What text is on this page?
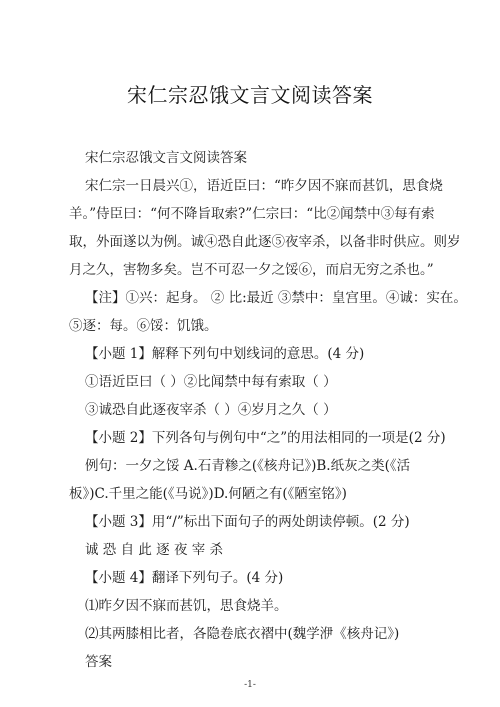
宋仁宗忍饿文言文阅读答案
宋仁宗忍饿文言文阅读答案
宋仁宗一日晨兴①，语近臣曰：“昨夕因不寐而甚饥，思食烧
羊。”侍臣曰：“何不降旨取索?”仁宗曰：“比②闻禁中③每有索
取，外面遂以为例。诚④恐自此逐⑤夜宰杀，以备非时供应。则岁
月之久，害物多矣。岂不可忍一夕之馁⑥，而启无穷之杀也。”
【注】①兴：起身。 ② 比:最近 ③禁中：皇宫里。④诚：实在。
⑤逐：每。⑥馁：饥饿。
【小题 1】解释下列句中划线词的意思。(4 分)
①语近臣曰（ ）②比闻禁中每有索取（ ）
③诚恐自此逐夜宰杀（ ）④岁月之久（ ）
【小题 2】下列各句与例句中“之”的用法相同的一项是(2 分)
例句：一夕之馁 A.石青糁之(《核舟记》)B.纸灰之类(《活
板》)C.千里之能(《马说》)D.何陋之有(《陋室铭》)
【小题 3】用“/”标出下面句子的两处朗读停顿。(2 分)
诚 恐 自 此 逐 夜 宰 杀
【小题 4】翻译下列句子。(4 分)
⑴昨夕因不寐而甚饥，思食烧羊。
⑵其两膝相比者，各隐卷底衣褶中(魏学洢《核舟记》)
答案
-1-
